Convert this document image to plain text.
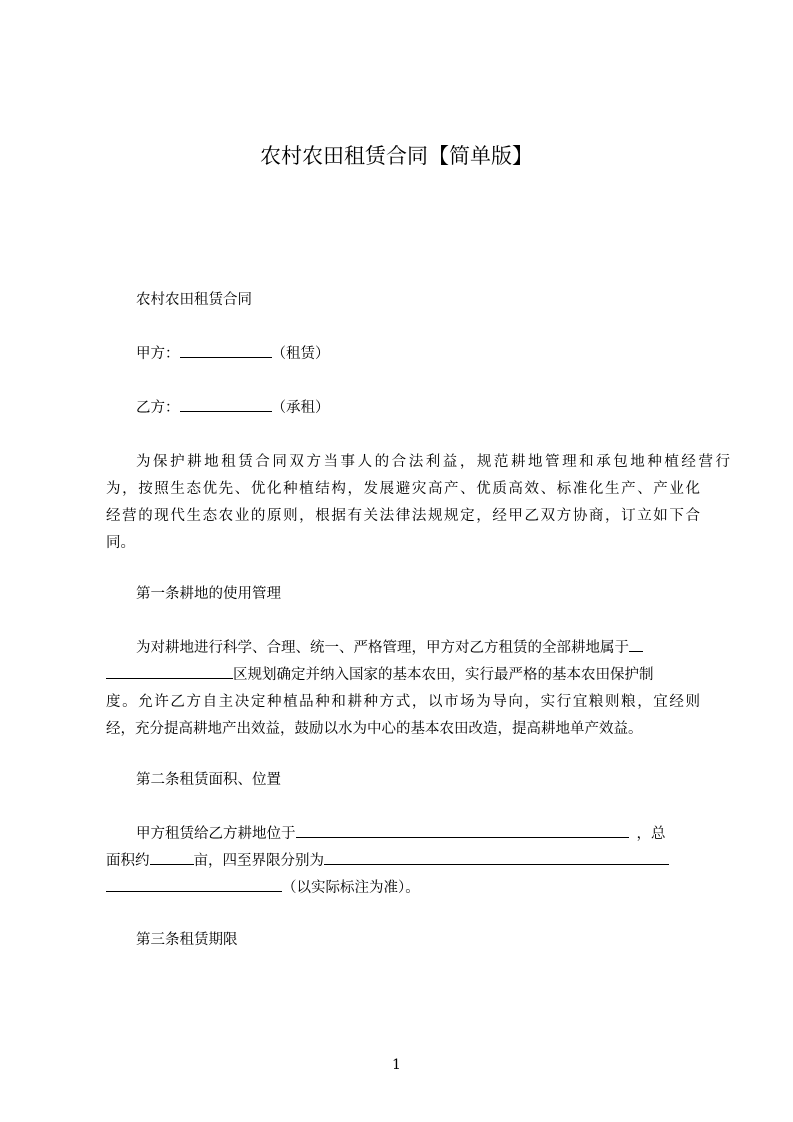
农村农田租赁合同【简单版】
农村农田租赁合同
甲方：	（租赁）
乙方：	（承租）
为保护耕地租赁合同双方当事人的合法利益，规范耕地管理和承包地种植经营行
为，按照生态优先、优化种植结构，发展避灾高产、优质高效、标准化生产、产业化
经营的现代生态农业的原则，根据有关法律法规规定，经甲乙双方协商，订立如下合
同。
第一条耕地的使用管理
为对耕地进行科学、合理、统一、严格管理，甲方对乙方租赁的全部耕地属于
区规划确定并纳入国家的基本农田，实行最严格的基本农田保护制
度。允许乙方自主决定种植品种和耕种方式，以市场为导向，实行宜粮则粮，宜经则
经，充分提高耕地产出效益，鼓励以水为中心的基本农田改造，提高耕地单产效益。
第二条租赁面积、位置
甲方租赁给乙方耕地位于	，总
面积约	亩，四至界限分别为
（以实际标注为准）。
第三条租赁期限
1
